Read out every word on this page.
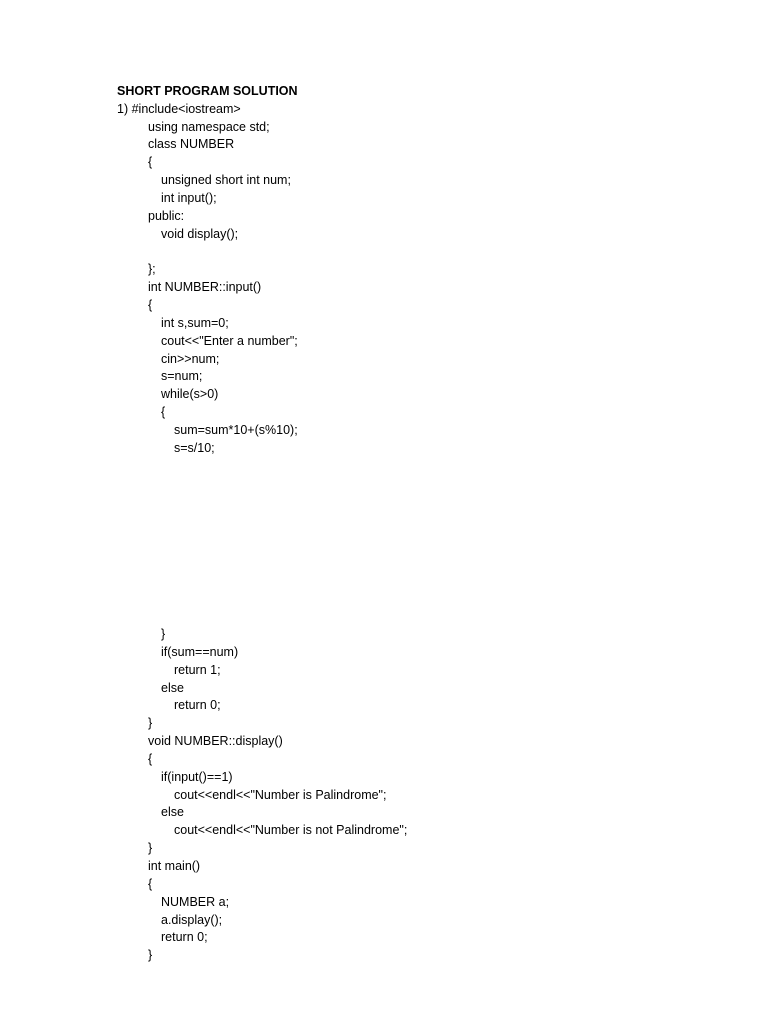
SHORT PROGRAM SOLUTION
1) #include<iostream>
using namespace std;
class NUMBER
{
unsigned short int num;
int input();
public:
void display();
};
int NUMBER::input()
{
int s,sum=0;
cout<<"Enter a number";
cin>>num;
s=num;
while(s>0)
{
sum=sum*10+(s%10);
s=s/10;
}
if(sum==num)
return 1;
else
return 0;
}
void NUMBER::display()
{
if(input()==1)
cout<<endl<<"Number is Palindrome";
else
cout<<endl<<"Number is not Palindrome";
}
int main()
{
NUMBER a;
a.display();
return 0;
}
